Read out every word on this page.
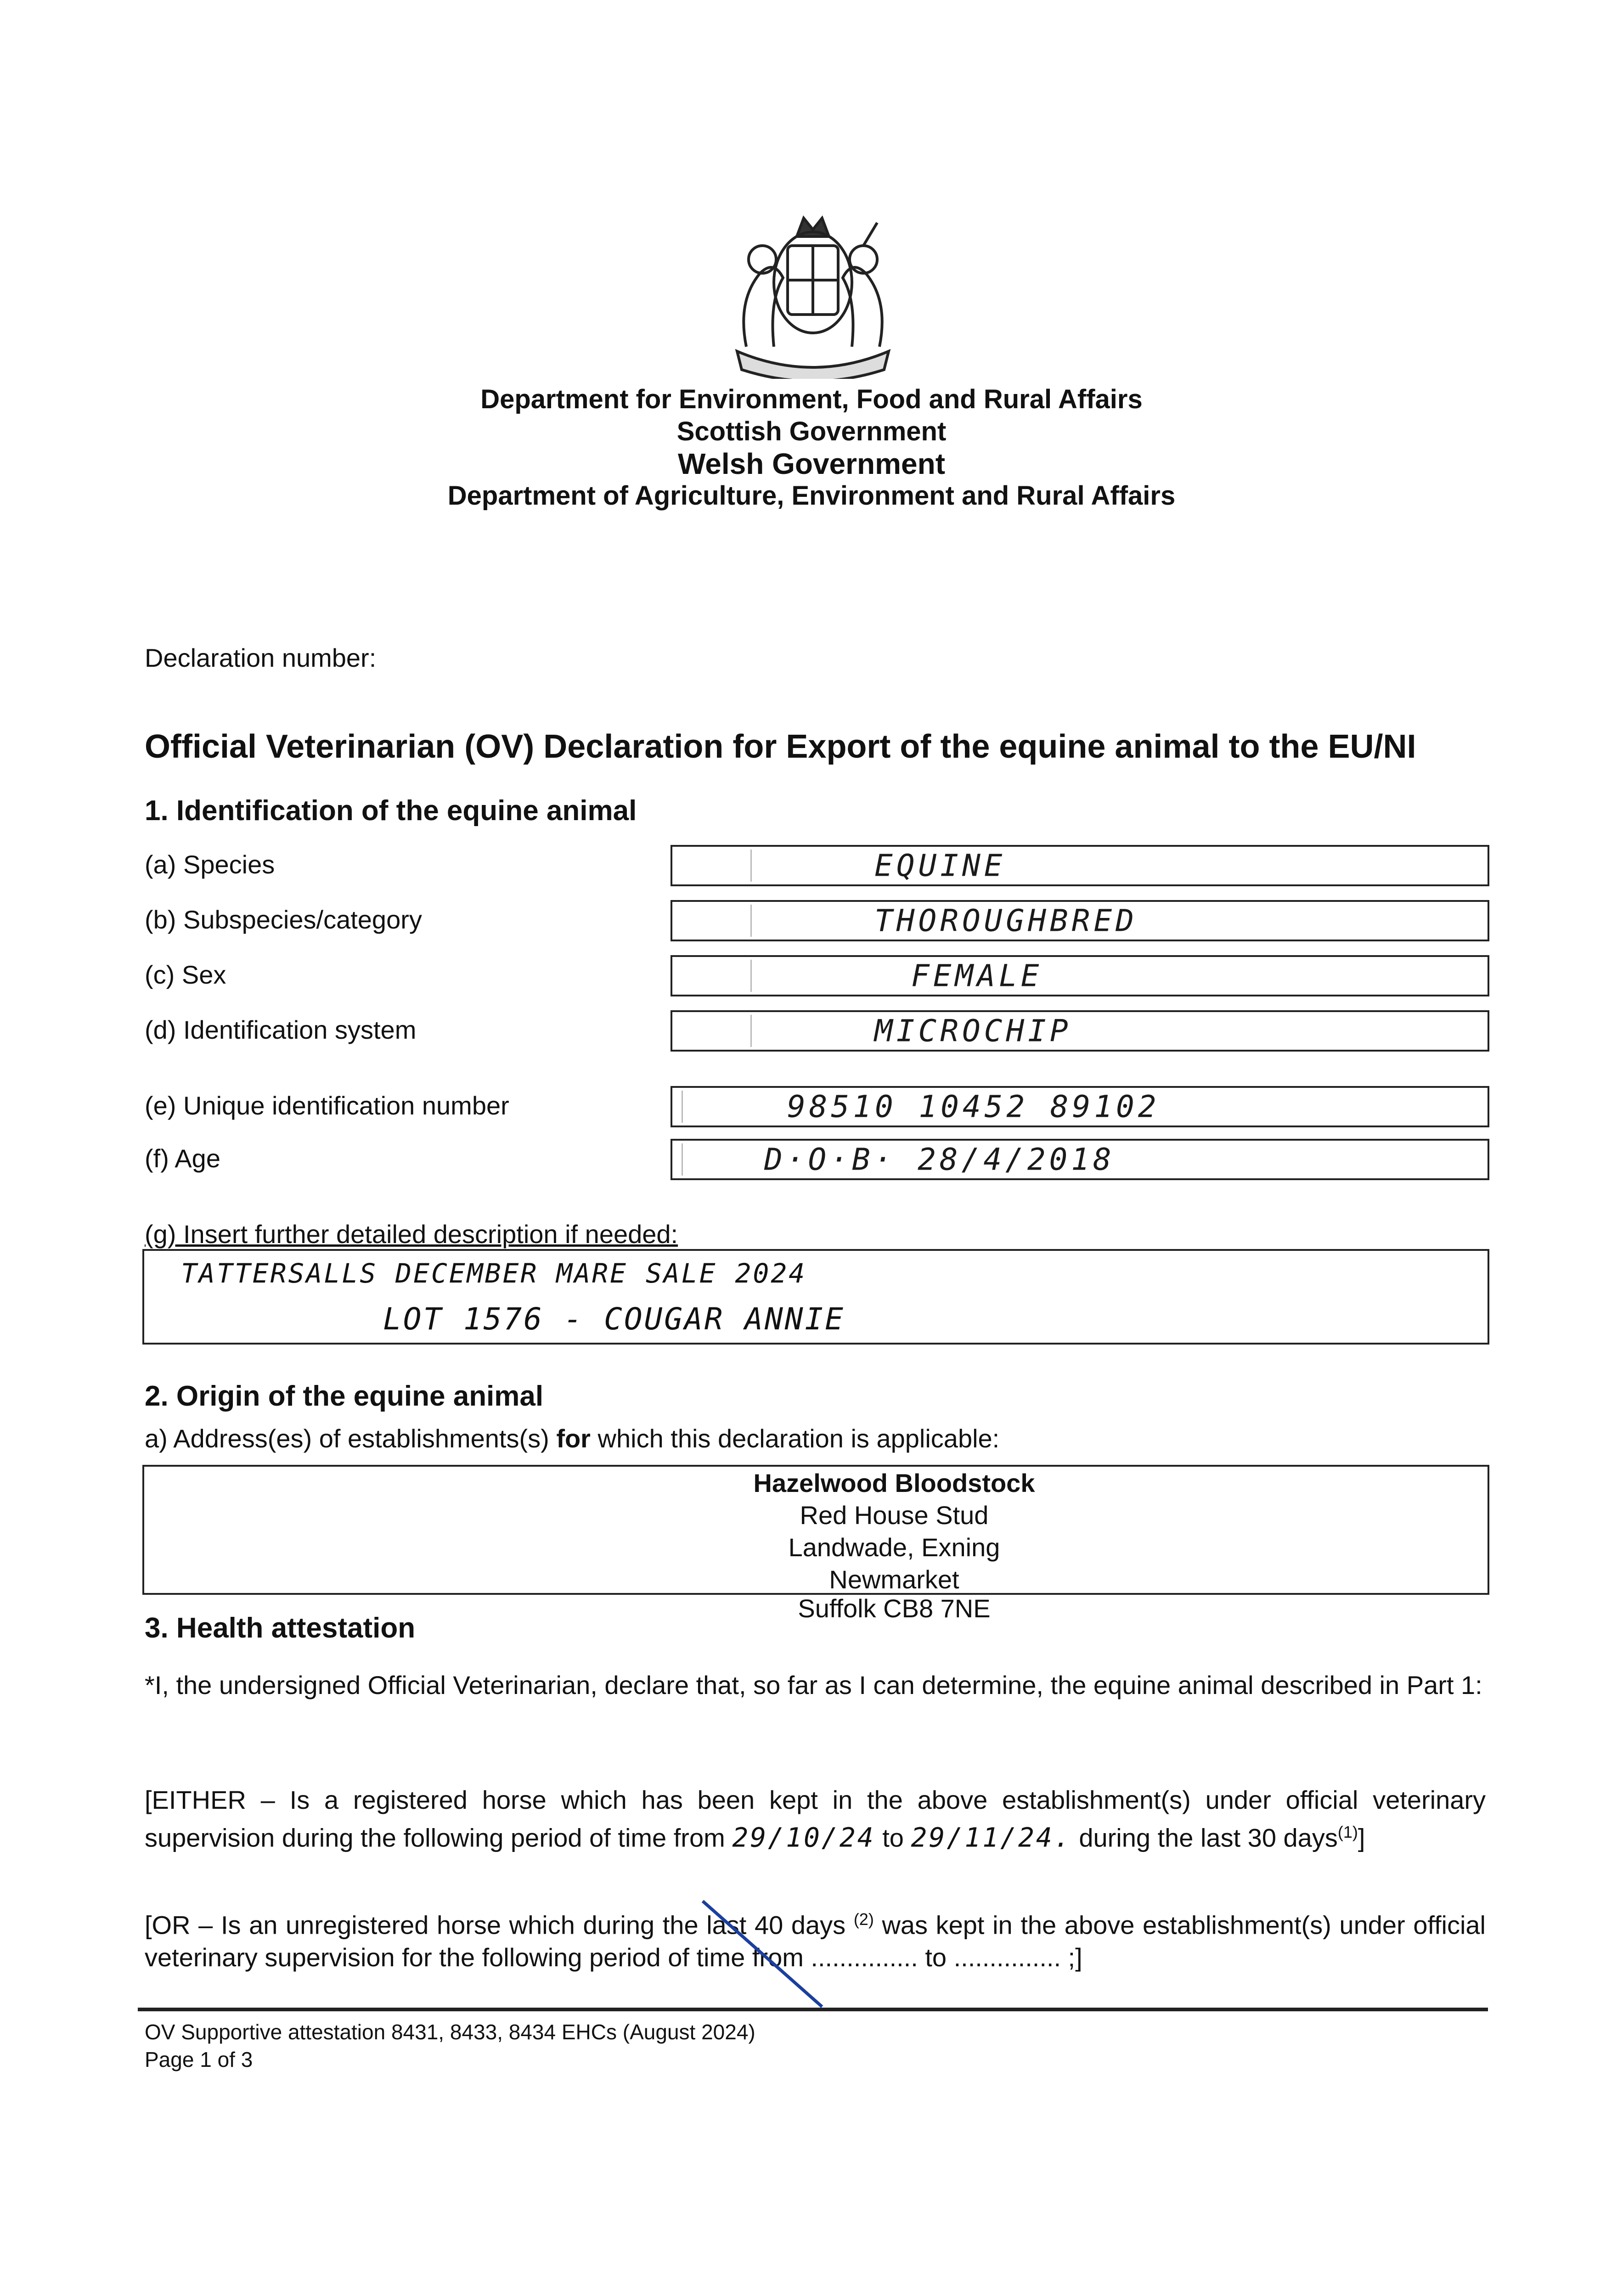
Department for Environment, Food and Rural Affairs
Scottish Government
Welsh Government
Department of Agriculture, Environment and Rural Affairs
Declaration number:
Official Veterinarian (OV) Declaration for Export of the equine animal to the EU/NI
1. Identification of the equine animal
(a) Species	EQUINE
(b) Subspecies/category	THOROUGHBRED
(c) Sex	FEMALE
(d) Identification system	MICROCHIP
(e) Unique identification number	98510 10452 89102
(f) Age	D·O·B· 28/4/2018
(g) Insert further detailed description if needed:
TATTERSALLS DECEMBER MARE SALE 2024
LOT 1576 - COUGAR ANNIE
2. Origin of the equine animal
a) Address(es) of establishments(s) for which this declaration is applicable:
Hazelwood Bloodstock
Red House Stud
Landwade, Exning
Newmarket
Suffolk CB8 7NE
3. Health attestation
*I, the undersigned Official Veterinarian, declare that, so far as I can determine, the equine animal described in Part 1:
[EITHER – Is a registered horse which has been kept in the above establishment(s) under official veterinary supervision during the following period of time from 29/10/24 to 29/11/24. during the last 30 days$^{(1)}$]
[OR – Is an unregistered horse which during the last 40 days $^{(2)}$ was kept in the above establishment(s) under official veterinary supervision for the following period of time from ............... to ............... ;]
OV Supportive attestation 8431, 8433, 8434 EHCs (August 2024)
Page 1 of 3
